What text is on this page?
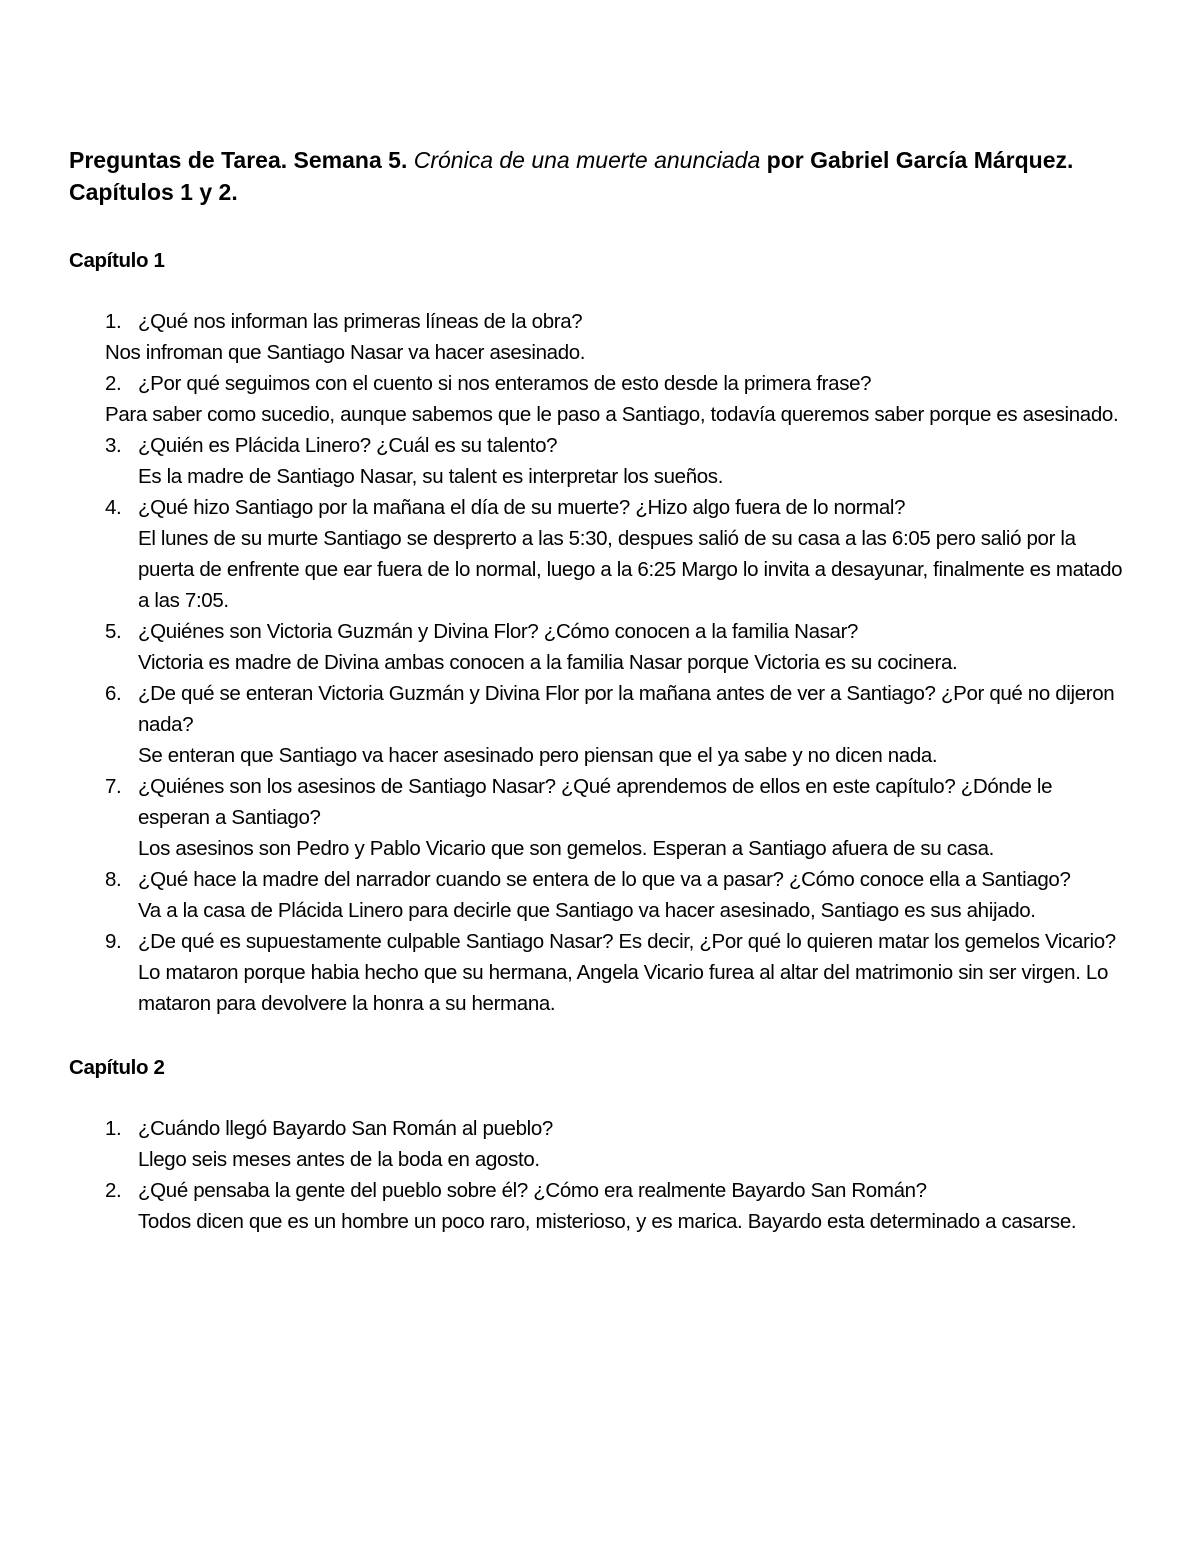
Preguntas de Tarea. Semana 5. Crónica de una muerte anunciada por Gabriel García Márquez. Capítulos 1 y 2.
Capítulo 1
1. ¿Qué nos informan las primeras líneas de la obra?
Nos infroman que Santiago Nasar va hacer asesinado.
2. ¿Por qué seguimos con el cuento si nos enteramos de esto desde la primera frase?
Para saber como sucedio, aunque sabemos que le paso a Santiago, todavía queremos saber porque es asesinado.
3. ¿Quién es Plácida Linero? ¿Cuál es su talento?
Es la madre de Santiago Nasar, su talent es interpretar los sueños.
4. ¿Qué hizo Santiago por la mañana el día de su muerte? ¿Hizo algo fuera de lo normal?
El lunes de su murte Santiago se desprerto a las 5:30, despues salió de su casa a las 6:05 pero salió por la puerta de enfrente que ear fuera de lo normal, luego a la 6:25 Margo lo invita a desayunar, finalmente es matado a las 7:05.
5. ¿Quiénes son Victoria Guzmán y Divina Flor? ¿Cómo conocen a la familia Nasar?
Victoria es madre de Divina ambas conocen a la familia Nasar porque Victoria es su cocinera.
6. ¿De qué se enteran Victoria Guzmán y Divina Flor por la mañana antes de ver a Santiago? ¿Por qué no dijeron nada?
Se enteran que Santiago va hacer asesinado pero piensan que el ya sabe y no dicen nada.
7. ¿Quiénes son los asesinos de Santiago Nasar? ¿Qué aprendemos de ellos en este capítulo? ¿Dónde le esperan a Santiago?
Los asesinos son Pedro y Pablo Vicario que son gemelos. Esperan a Santiago afuera de su casa.
8. ¿Qué hace la madre del narrador cuando se entera de lo que va a pasar? ¿Cómo conoce ella a Santiago?
Va a la casa de Plácida Linero para decirle que Santiago va hacer asesinado, Santiago es sus ahijado.
9. ¿De qué es supuestamente culpable Santiago Nasar? Es decir, ¿Por qué lo quieren matar los gemelos Vicario?
Lo mataron porque habia hecho que su hermana, Angela Vicario furea al altar del matrimonio sin ser virgen. Lo mataron para devolvere la honra a su hermana.
Capítulo 2
1. ¿Cuándo llegó Bayardo San Román al pueblo?
Llego seis meses antes de la boda en agosto.
2. ¿Qué pensaba la gente del pueblo sobre él? ¿Cómo era realmente Bayardo San Román?
Todos dicen que es un hombre un poco raro, misterioso, y es marica. Bayardo esta determinado a casarse.
